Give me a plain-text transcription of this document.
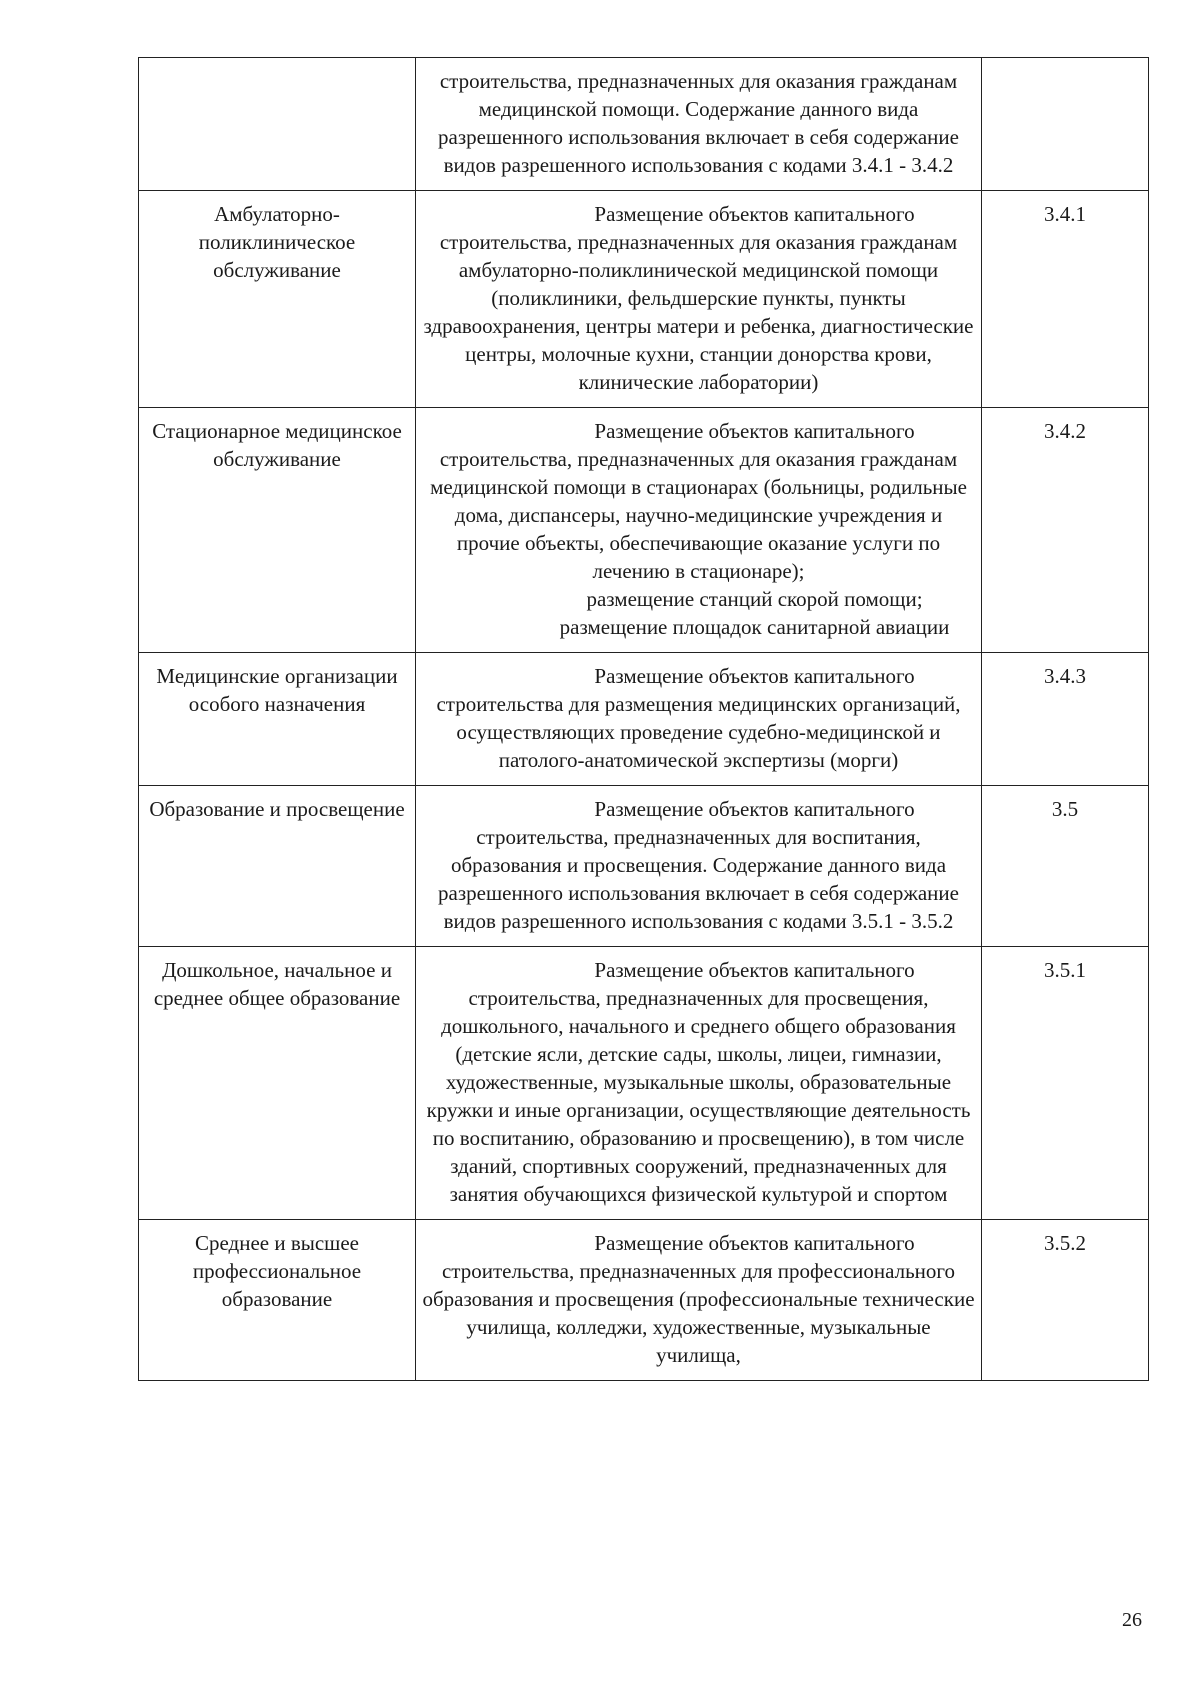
	строительства, предназначенных для оказания гражданам медицинской помощи. Содержание данного вида разрешенного использования включает в себя содержание видов разрешенного использования с кодами 3.4.1 - 3.4.2	

Амбулаторно-поликлиническое обслуживание	Размещение объектов капитального строительства, предназначенных для оказания гражданам амбулаторно-поликлинической медицинской помощи (поликлиники, фельдшерские пункты, пункты здравоохранения, центры матери и ребенка, диагностические центры, молочные кухни, станции донорства крови, клинические лаборатории)	3.4.1
Стационарное медицинское обслуживание	Размещение объектов капитального строительства, предназначенных для оказания гражданам медицинской помощи в стационарах (больницы, родильные дома, диспансеры, научно-медицинские учреждения и прочие объекты, обеспечивающие оказание услуги по лечению в стационаре);
размещение станций скорой помощи;
размещение площадок санитарной авиации	3.4.2
Медицинские организации особого назначения	Размещение объектов капитального строительства для размещения медицинских организаций, осуществляющих проведение судебно-медицинской и патолого-анатомической экспертизы (морги)	3.4.3
Образование и просвещение	Размещение объектов капитального строительства, предназначенных для воспитания, образования и просвещения. Содержание данного вида разрешенного использования включает в себя содержание видов разрешенного использования с кодами 3.5.1 - 3.5.2	3.5
Дошкольное, начальное и среднее общее образование	Размещение объектов капитального строительства, предназначенных для просвещения, дошкольного, начального и среднего общего образования (детские ясли, детские сады, школы, лицеи, гимназии, художественные, музыкальные школы, образовательные кружки и иные организации, осуществляющие деятельность по воспитанию, образованию и просвещению), в том числе зданий, спортивных сооружений, предназначенных для занятия обучающихся физической культурой и спортом	3.5.1
Среднее и высшее профессиональное образование	Размещение объектов капитального строительства, предназначенных для профессионального образования и просвещения (профессиональные технические училища, колледжи, художественные, музыкальные училища,	3.5.2
26
